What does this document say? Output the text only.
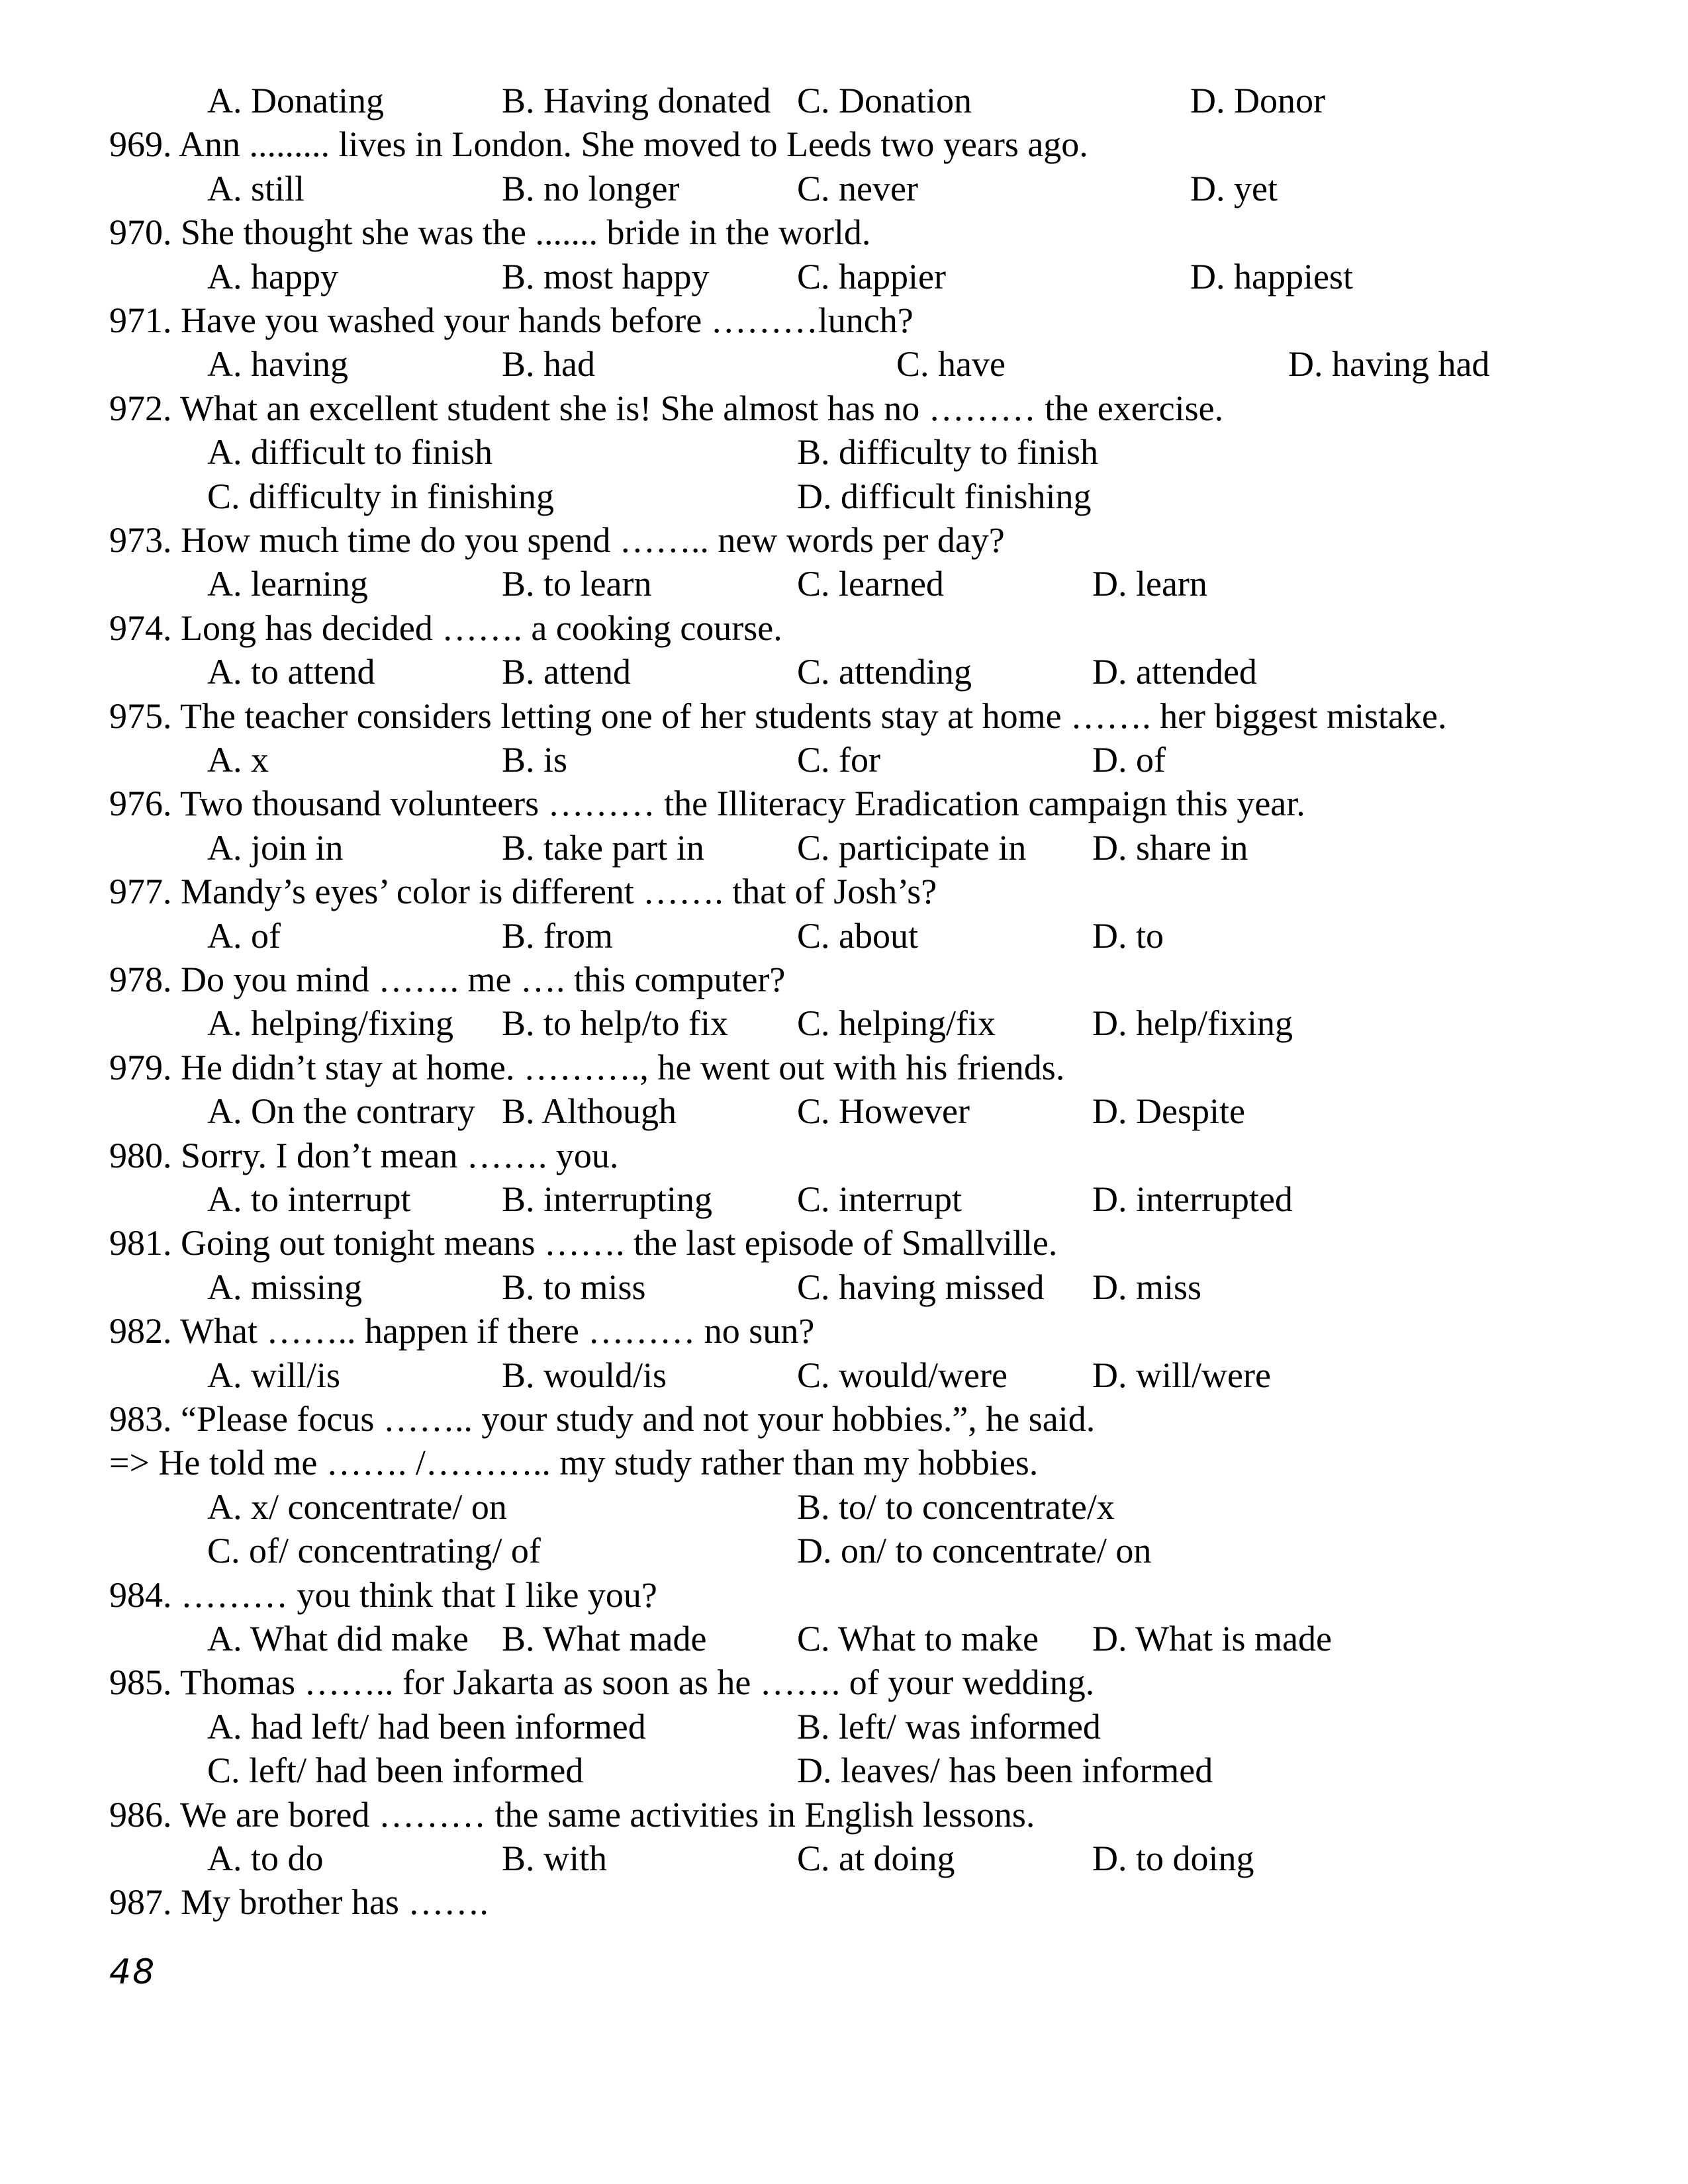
A. Donating	B. Having donated C. Donation	D. Donor
969. Ann ......... lives in London. She moved to Leeds two years ago.
A. still	B. no longer	C. never	D. yet
970. She thought she was the ....... bride in the world.
A. happy	B. most happy C. happier	D. happiest
971. Have you washed your hands before ………lunch?
A. having	B. had	C. have	D. having had
972. What an excellent student she is! She almost has no ……… the exercise.
A. difficult to finish	B. difficulty to finish
C. difficulty in finishing	D. difficult finishing
973. How much time do you spend …….. new words per day?
A. learning	B. to learn	C. learned	D. learn
974. Long has decided ……. a cooking course.
A. to attend	B. attend	C. attending	D. attended
975. The teacher considers letting one of her students stay at home ……. her biggest mistake.
A. x	B. is	C. for	D. of
976. Two thousand volunteers ……… the Illiteracy Eradication campaign this year.
A. join in	B. take part in	C. participate in D. share in
977. Mandy’s eyes’ color is different ……. that of Josh’s?
A. of	B. from	C. about	D. to
978. Do you mind ……. me …. this computer?
A. helping/fixing B. to help/to fix C. helping/fix	D. help/fixing
979. He didn’t stay at home. ………., he went out with his friends.
A. On the contrary B. Although	C. However	D. Despite
980. Sorry. I don’t mean ……. you.
A. to interrupt	B. interrupting C. interrupt	D. interrupted
981. Going out tonight means ……. the last episode of Smallville.
A. missing	B. to miss	C. having missed D. miss
982. What …….. happen if there ……… no sun?
A. will/is	B. would/is	C. would/were D. will/were
983. “Please focus …….. your study and not your hobbies.”, he said.
=> He told me ……. /……….. my study rather than my hobbies.
A. x/ concentrate/ on	B. to/ to concentrate/x
C. of/ concentrating/ of	D. on/ to concentrate/ on
984. ……… you think that I like you?
A. What did make B. What made	C. What to make D. What is made
985. Thomas …….. for Jakarta as soon as he ……. of your wedding.
A. had left/ had been informed	B. left/ was informed
C. left/ had been informed	D. leaves/ has been informed
986. We are bored ……… the same activities in English lessons.
A. to do	B. with	C. at doing	D. to doing
987. My brother has …….
48
